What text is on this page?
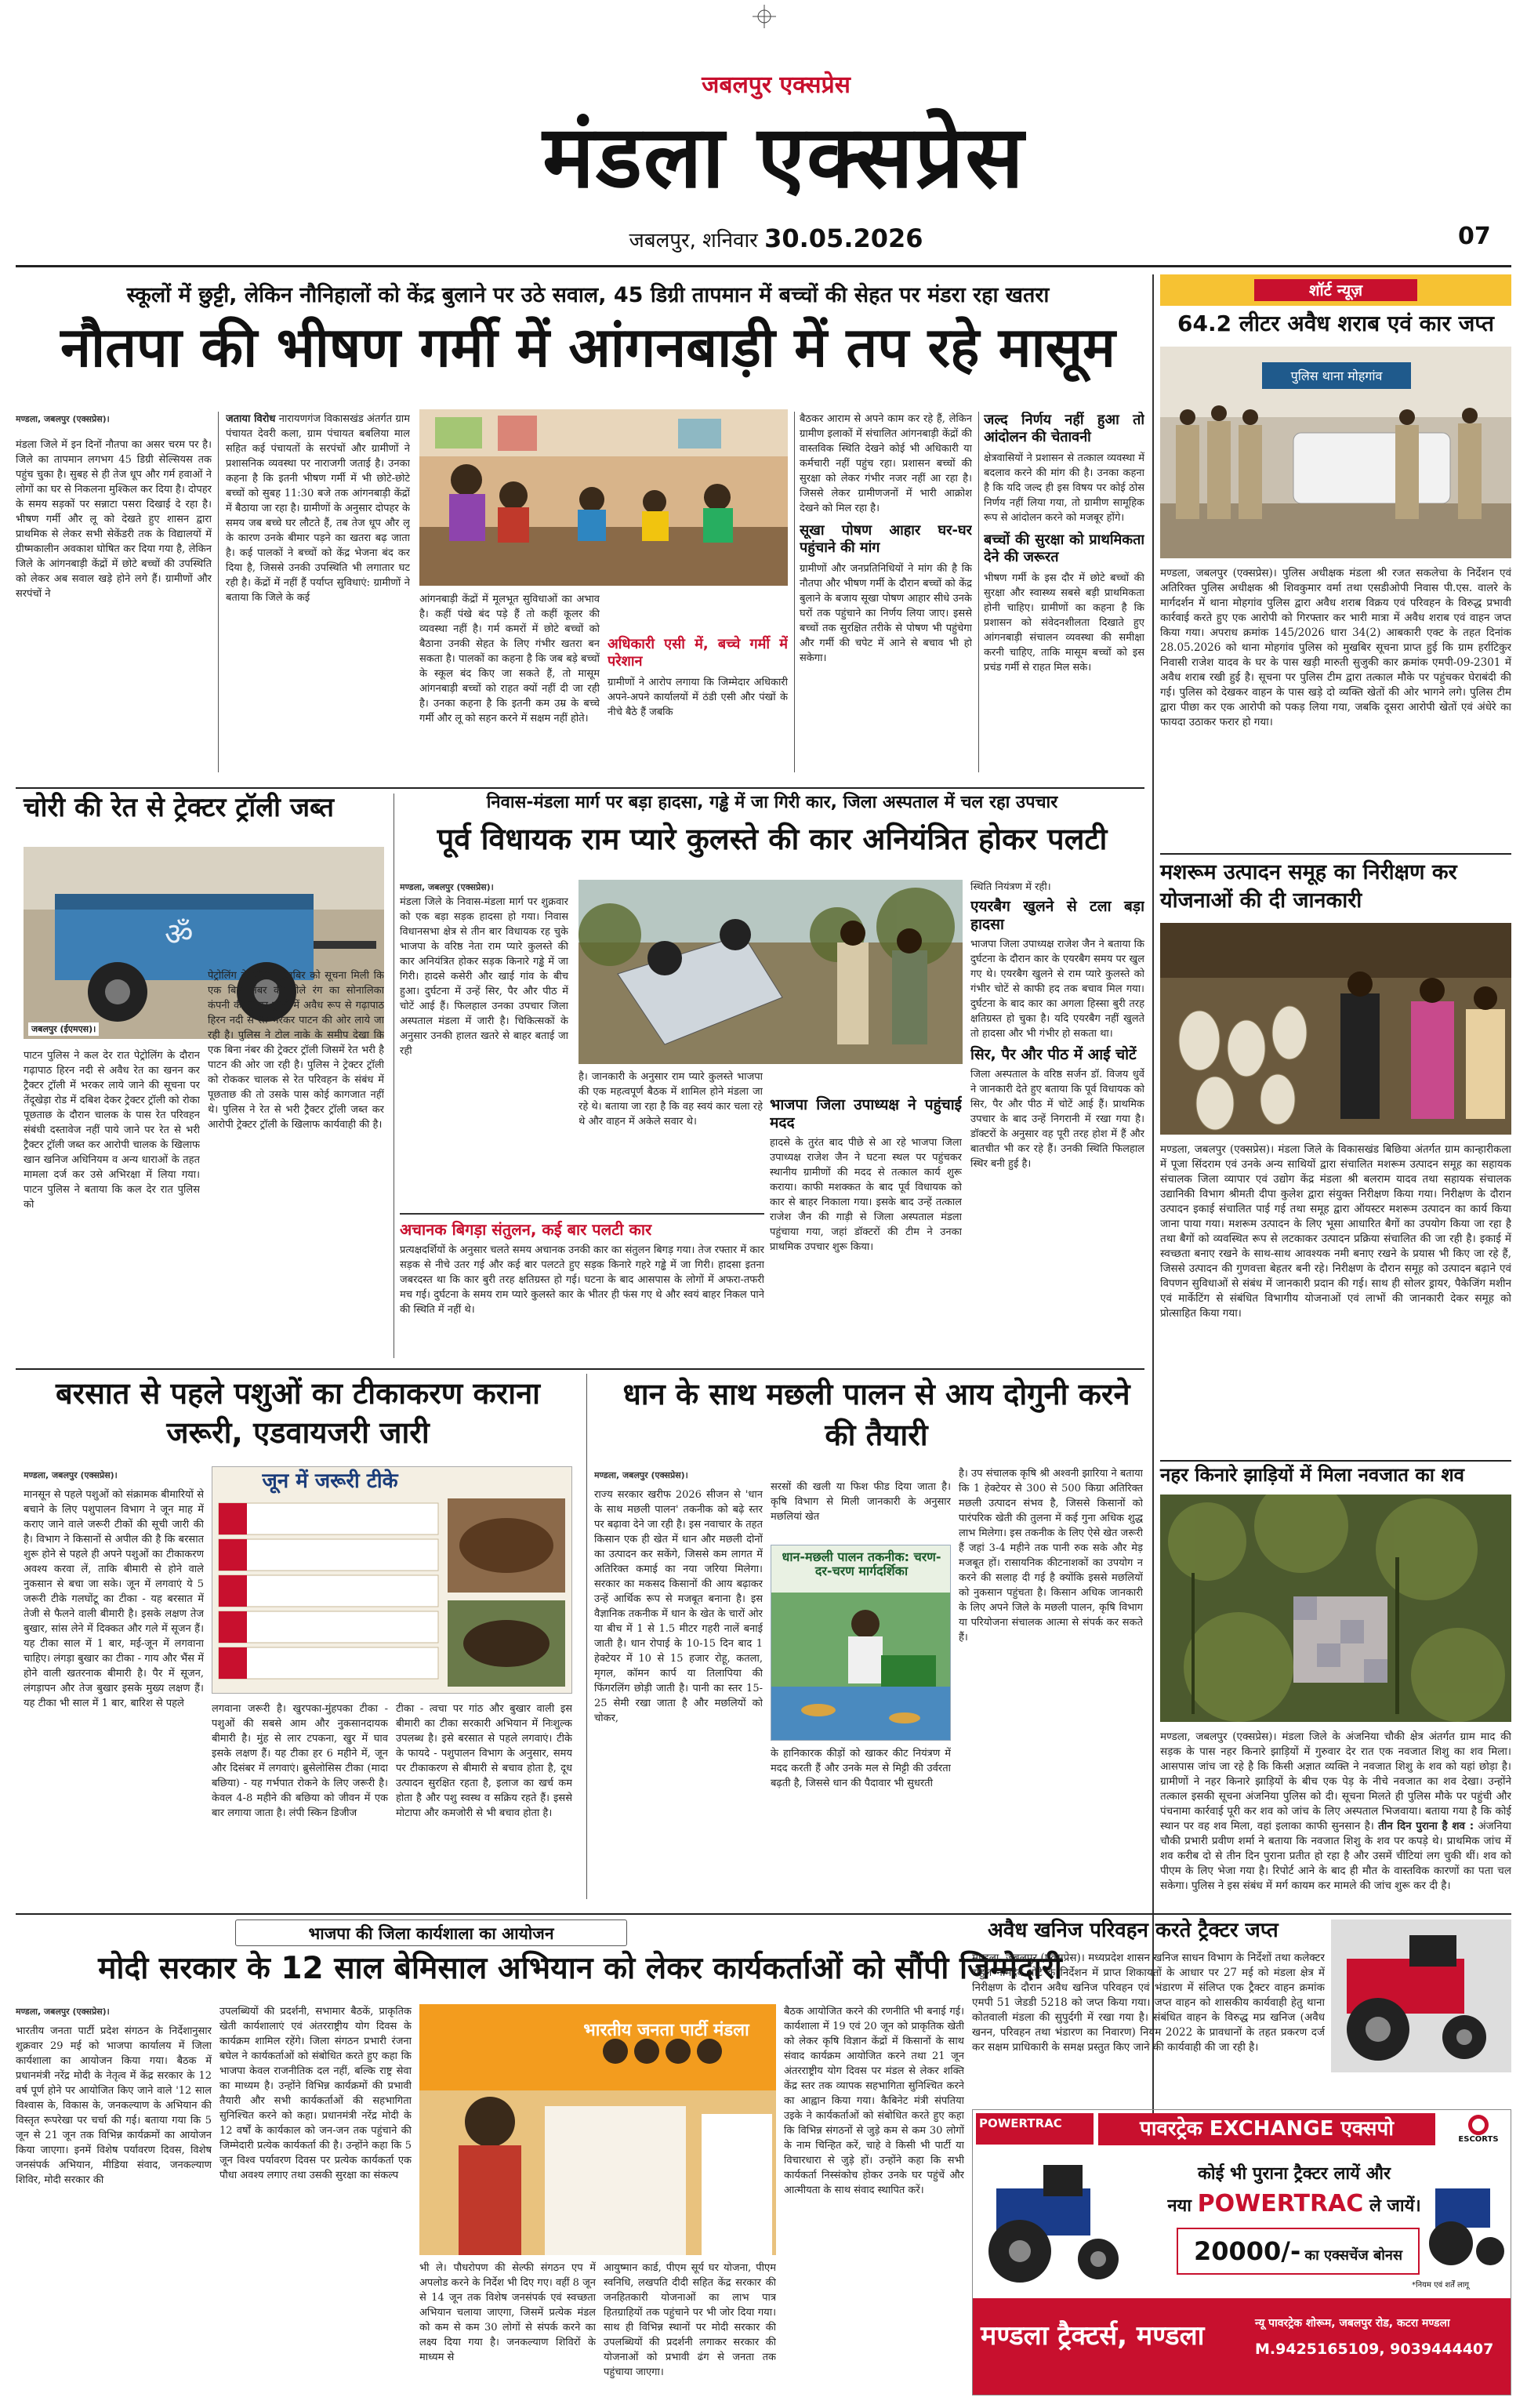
जबलपुर एक्सप्रेस
मंडला एक्सप्रेस
जबलपुर, शनिवार 30.05.2026	07
स्कूलों में छुट्टी, लेकिन नौनिहालों को केंद्र बुलाने पर उठे सवाल, 45 डिग्री तापमान में बच्चों की सेहत पर मंडरा रहा खतरा
नौतपा की भीषण गर्मी में आंगनबाड़ी में तप रहे मासूम
मण्डला, जबलपुर (एक्सप्रेस)।
मंडला जिले में इन दिनों नौतपा का असर चरम पर है। जिले का तापमान लगभग 45 डिग्री सेल्सियस तक पहुंच चुका है। सुबह से ही तेज धूप और गर्म हवाओं ने लोगों का घर से निकलना मुश्किल कर दिया है। दोपहर के समय सड़कों पर सन्नाटा पसरा दिखाई दे रहा है। भीषण गर्मी और लू को देखते हुए शासन द्वारा प्राथमिक से लेकर सभी सेकेंडरी तक के विद्यालयों में ग्रीष्मकालीन अवकाश घोषित कर दिया गया है, लेकिन जिले के आंगनबाड़ी केंद्रों में छोटे बच्चों की उपस्थिति को लेकर अब सवाल खड़े होने लगे हैं। ग्रामीणों और सरपंचों ने
जताया विरोध नारायणगंज विकासखंड अंतर्गत ग्राम पंचायत देवरी कला, ग्राम पंचायत बबलिया माल सहित कई पंचायतों के सरपंचों और ग्रामीणों ने प्रशासनिक व्यवस्था पर नाराजगी जताई है। उनका कहना है कि इतनी भीषण गर्मी में भी छोटे-छोटे बच्चों को सुबह 11:30 बजे तक आंगनबाड़ी केंद्रों में बैठाया जा रहा है। ग्रामीणों के अनुसार दोपहर के समय जब बच्चे घर लौटते हैं, तब तेज धूप और लू के कारण उनके बीमार पड़ने का खतरा बढ़ जाता है। कई पालकों ने बच्चों को केंद्र भेजना बंद कर दिया है, जिससे उनकी उपस्थिति भी लगातार घट रही है। केंद्रों में नहीं हैं पर्याप्त सुविधाएं: ग्रामीणों ने बताया कि जिले के कई	आंगनबाड़ी केंद्रों में मूलभूत सुविधाओं का अभाव है। कहीं पंखे बंद पड़े हैं तो कहीं कूलर की व्यवस्था नहीं है। गर्म कमरों में छोटे बच्चों को बैठाना उनकी सेहत के लिए गंभीर खतरा बन सकता है। पालकों का कहना है कि जब बड़े बच्चों के स्कूल बंद किए जा सकते हैं, तो मासूम आंगनबाड़ी बच्चों को राहत क्यों नहीं दी जा रही है। उनका कहना है कि इतनी कम उम्र के बच्चे गर्मी और लू को सहन करने में सक्षम नहीं होते।
अधिकारी एसी में, बच्चे गर्मी में परेशान
ग्रामीणों ने आरोप लगाया कि जिम्मेदार अधिकारी अपने-अपने कार्यालयों में ठंडी एसी और पंखों के नीचे बैठे हैं जबकि
बैठकर आराम से अपने काम कर रहे हैं, लेकिन ग्रामीण इलाकों में संचालित आंगनबाड़ी केंद्रों की वास्तविक स्थिति देखने कोई भी अधिकारी या कर्मचारी नहीं पहुंच रहा। प्रशासन बच्चों की सुरक्षा को लेकर गंभीर नजर नहीं आ रहा है। जिससे लेकर ग्रामीणजनों में भारी आक्रोश देखने को मिल रहा है।
सूखा पोषण आहार घर-घर पहुंचाने की मांग
ग्रामीणों और जनप्रतिनिधियों ने मांग की है कि नौतपा और भीषण गर्मी के दौरान बच्चों को केंद्र बुलाने के बजाय सूखा पोषण आहार सीधे उनके घरों तक पहुंचाने का निर्णय लिया जाए। इससे बच्चों तक सुरक्षित तरीके से पोषण भी पहुंचेगा और गर्मी की चपेट में आने से बचाव भी हो सकेगा।
जल्द निर्णय नहीं हुआ तो आंदोलन की चेतावनी
क्षेत्रवासियों ने प्रशासन से तत्काल व्यवस्था में बदलाव करने की मांग की है। उनका कहना है कि यदि जल्द ही इस विषय पर कोई ठोस निर्णय नहीं लिया गया, तो ग्रामीण सामूहिक रूप से आंदोलन करने को मजबूर होंगे।
बच्चों की सुरक्षा को प्राथमिकता देने की जरूरत
भीषण गर्मी के इस दौर में छोटे बच्चों की सुरक्षा और स्वास्थ्य सबसे बड़ी प्राथमिकता होनी चाहिए। ग्रामीणों का कहना है कि प्रशासन को संवेदनशीलता दिखाते हुए आंगनबाड़ी संचालन व्यवस्था की समीक्षा करनी चाहिए, ताकि मासूम बच्चों को इस प्रचंड गर्मी से राहत मिल सके।
शॉर्ट न्यूज़
64.2 लीटर अवैध शराब एवं कार जप्त
पुलिस थाना मोहगांव
मण्डला, जबलपुर (एक्सप्रेस)। पुलिस अधीक्षक मंडला श्री रजत सकलेचा के निर्देशन एवं अतिरिक्त पुलिस अधीक्षक श्री शिवकुमार वर्मा तथा एसडीओपी निवास पी.एस. वालरे के मार्गदर्शन में थाना मोहगांव पुलिस द्वारा अवैध शराब विक्रय एवं परिवहन के विरुद्ध प्रभावी कार्रवाई करते हुए एक आरोपी को गिरफ्तार कर भारी मात्रा में अवैध शराब एवं वाहन जप्त किया गया। अपराध क्रमांक 145/2026 धारा 34(2) आबकारी एक्ट के तहत दिनांक 28.05.2026 को थाना मोहगांव पुलिस को मुखबिर सूचना प्राप्त हुई कि ग्राम हर्राटिकुर निवासी राजेश यादव के घर के पास खड़ी मारुती सुजुकी कार क्रमांक एमपी-09-2301 में अवैध शराब रखी हुई है। सूचना पर पुलिस टीम द्वारा तत्काल मौके पर पहुंचकर घेराबंदी की गई। पुलिस को देखकर वाहन के पास खड़े दो व्यक्ति खेतों की ओर भागने लगे। पुलिस टीम द्वारा पीछा कर एक आरोपी को पकड़ लिया गया, जबकि दूसरा आरोपी खेतों एवं अंधेरे का फायदा उठाकर फरार हो गया।
मशरूम उत्पादन समूह का निरीक्षण कर योजनाओं की दी जानकारी
मण्डला, जबलपुर (एक्सप्रेस)। मंडला जिले के विकासखंड बिछिया अंतर्गत ग्राम कान्हारीकला में पूजा सिंदराम एवं उनके अन्य साथियों द्वारा संचालित मशरूम उत्पादन समूह का सहायक संचालक जिला व्यापार एवं उद्योग केंद्र मंडला श्री बलराम यादव तथा सहायक संचालक उद्यानिकी विभाग श्रीमती दीपा कुलेश द्वारा संयुक्त निरीक्षण किया गया। निरीक्षण के दौरान उत्पादन इकाई संचालित पाई गई तथा समूह द्वारा ऑयस्टर मशरूम उत्पादन का कार्य किया जाना पाया गया। मशरूम उत्पादन के लिए भूसा आधारित बैगों का उपयोग किया जा रहा है तथा बैगों को व्यवस्थित रूप से लटकाकर उत्पादन प्रक्रिया संचालित की जा रही है। इकाई में स्वच्छता बनाए रखने के साथ-साथ आवश्यक नमी बनाए रखने के प्रयास भी किए जा रहे हैं, जिससे उत्पादन की गुणवत्ता बेहतर बनी रहे। निरीक्षण के दौरान समूह को उत्पादन बढ़ाने एवं विपणन सुविधाओं से संबंध में जानकारी प्रदान की गई। साथ ही सोलर ड्रायर, पैकेजिंग मशीन एवं मार्केटिंग से संबंधित विभागीय योजनाओं एवं लाभों की जानकारी देकर समूह को प्रोत्साहित किया गया।
नहर किनारे झाड़ियों में मिला नवजात का शव
मण्डला, जबलपुर (एक्सप्रेस)। मंडला जिले के अंजनिया चौकी क्षेत्र अंतर्गत ग्राम माद की सड़क के पास नहर किनारे झाड़ियों में गुरुवार देर रात एक नवजात शिशु का शव मिला। आसपास जांच जा रहे है कि किसी अज्ञात व्यक्ति ने नवजात शिशु के शव को यहां छोड़ा है। ग्रामीणों ने नहर किनारे झाड़ियों के बीच एक पेड़ के नीचे नवजात का शव देखा। उन्होंने तत्काल इसकी सूचना अंजनिया पुलिस को दी। सूचना मिलते ही पुलिस मौके पर पहुंची और पंचनामा कार्रवाई पूरी कर शव को जांच के लिए अस्पताल भिजवाया। बताया गया है कि कोई स्थान पर वह शव मिला, वहां इलाका काफी सुनसान है। तीन दिन पुराना है शव : अंजनिया चौकी प्रभारी प्रवीण शर्मा ने बताया कि नवजात शिशु के शव पर कपड़े थे। प्राथमिक जांच में शव करीब दो से तीन दिन पुराना प्रतीत हो रहा है और उसमें चींटियां लग चुकी थीं। शव को पीएम के लिए भेजा गया है। रिपोर्ट आने के बाद ही मौत के वास्तविक कारणों का पता चल सकेगा। पुलिस ने इस संबंध में मर्ग कायम कर मामले की जांच शुरू कर दी है।
चोरी की रेत से ट्रेक्टर ट्रॉली जब्त
ॐ
जबलपुर (ईएमएस)।
पाटन पुलिस ने कल देर रात पेट्रोलिंग के दौरान गढ़ापाठ हिरन नदी से अवैध रेत का खनन कर ट्रैक्टर ट्रॉली में भरकर लाये जाने की सूचना पर तेंदूखेड़ा रोड में दबिश देकर ट्रेक्टर ट्रॉली को रोका पूछताछ के दौरान चालक के पास रेत परिवहन संबंधी दस्तावेज नहीं पाये जाने पर रेत से भरी ट्रैक्टर ट्रॉली जब्त कर आरोपी चालक के खिलाफ खान खनिज अधिनियम व अन्य धाराओं के तहत मामला दर्ज कर उसे अभिरक्षा में लिया गया। पाटन पुलिस ने बताया कि कल देर रात पुलिस को
पेट्रोलिंग के दौरान मुखबिर को सूचना मिली कि एक बिना नंबर की नीले रंग का सोनालिका कंपनी की ट्रैक्टर ट्रॉली में अवैध रूप से गढ़ापाठ हिरन नदी से रेत भरकर पाटन की ओर लाये जा रही है। पुलिस ने टोल नाके के समीप देखा कि एक बिना नंबर की ट्रेक्टर ट्रॉली जिसमें रेत भरी है पाटन की ओर जा रही है। पुलिस ने ट्रेक्टर ट्रॉली को रोककर चालक से रेत परिवहन के संबंध में पूछताछ की तो उसके पास कोई कागजात नहीं थे। पुलिस ने रेत से भरी ट्रैक्टर ट्रॉली जब्त कर आरोपी ट्रेक्टर ट्रॉली के खिलाफ कार्यवाही की है।
निवास-मंडला मार्ग पर बड़ा हादसा, गड्ढे में जा गिरी कार, जिला अस्पताल में चल रहा उपचार
पूर्व विधायक राम प्यारे कुलस्ते की कार अनियंत्रित होकर पलटी
मण्डला, जबलपुर (एक्सप्रेस)।
मंडला जिले के निवास-मंडला मार्ग पर शुक्रवार को एक बड़ा सड़क हादसा हो गया। निवास विधानसभा क्षेत्र से तीन बार विधायक रह चुके भाजपा के वरिष्ठ नेता राम प्यारे कुलस्ते की कार अनियंत्रित होकर सड़क किनारे गड्ढे में जा गिरी। हादसे कसेरी और खाई गांव के बीच हुआ। दुर्घटना में उन्हें सिर, पैर और पीठ में चोटें आई हैं। फिलहाल उनका उपचार जिला अस्पताल मंडला में जारी है। चिकित्सकों के अनुसार उनकी हालत खतरे से बाहर बताई जा रही
है। जानकारी के अनुसार राम प्यारे कुलस्ते भाजपा की एक महत्वपूर्ण बैठक में शामिल होने मंडला जा रहे थे। बताया जा रहा है कि वह स्वयं कार चला रहे थे और वाहन में अकेले सवार थे।
भाजपा जिला उपाध्यक्ष ने पहुंचाई मदद
हादसे के तुरंत बाद पीछे से आ रहे भाजपा जिला उपाध्यक्ष राजेश जैन ने घटना स्थल पर पहुंचकर स्थानीय ग्रामीणों की मदद से तत्काल कार्य शुरू कराया। काफी मशक्कत के बाद पूर्व विधायक को कार से बाहर निकाला गया। इसके बाद उन्हें तत्काल राजेश जैन की गाड़ी से जिला अस्पताल मंडला पहुंचाया गया, जहां डॉक्टरों की टीम ने उनका प्राथमिक उपचार शुरू किया।
स्थिति नियंत्रण में रही।
एयरबैग खुलने से टला बड़ा हादसा
भाजपा जिला उपाध्यक्ष राजेश जैन ने बताया कि दुर्घटना के दौरान कार के एयरबैग समय पर खुल गए थे। एयरबैग खुलने से राम प्यारे कुलस्ते को गंभीर चोटें से काफी हद तक बचाव मिल गया। दुर्घटना के बाद कार का अगला हिस्सा बुरी तरह क्षतिग्रस्त हो चुका है। यदि एयरबैग नहीं खुलते तो हादसा और भी गंभीर हो सकता था।
सिर, पैर और पीठ में आई चोटें
जिला अस्पताल के वरिष्ठ सर्जन डॉ. विजय धुर्वे ने जानकारी देते हुए बताया कि पूर्व विधायक को सिर, पैर और पीठ में चोटें आई हैं। प्राथमिक उपचार के बाद उन्हें निगरानी में रखा गया है। डॉक्टरों के अनुसार वह पूरी तरह होश में हैं और बातचीत भी कर रहे हैं। उनकी स्थिति फिलहाल स्थिर बनी हुई है।
अचानक बिगड़ा संतुलन, कई बार पलटी कार
प्रत्यक्षदर्शियों के अनुसार चलते समय अचानक उनकी कार का संतुलन बिगड़ गया। तेज रफ्तार में कार सड़क से नीचे उतर गई और कई बार पलटते हुए सड़क किनारे गहरे गड्ढे में जा गिरी। हादसा इतना जबरदस्त था कि कार बुरी तरह क्षतिग्रस्त हो गई। घटना के बाद आसपास के लोगों में अफरा-तफरी मच गई। दुर्घटना के समय राम प्यारे कुलस्ते कार के भीतर ही फंस गए थे और स्वयं बाहर निकल पाने की स्थिति में नहीं थे।
बरसात से पहले पशुओं का टीकाकरण कराना जरूरी, एडवायजरी जारी
मण्डला, जबलपुर (एक्सप्रेस)।
मानसून से पहले पशुओं को संक्रामक बीमारियों से बचाने के लिए पशुपालन विभाग ने जून माह में कराए जाने वाले जरूरी टीकों की सूची जारी की है। विभाग ने किसानों से अपील की है कि बरसात शुरू होने से पहले ही अपने पशुओं का टीकाकरण अवश्य करवा लें, ताकि बीमारी से होने वाले नुकसान से बचा जा सके। जून में लगवाएं ये 5 जरूरी टीके गलघोंटू का टीका - यह बरसात में तेजी से फैलने वाली बीमारी है। इसके लक्षण तेज बुखार, सांस लेने में दिक्कत और गले में सूजन हैं। यह टीका साल में 1 बार, मई-जून में लगवाना चाहिए। लंगड़ा बुखार का टीका - गाय और भैंस में होने वाली खतरनाक बीमारी है। पैर में सूजन, लंगड़ापन और तेज बुखार इसके मुख्य लक्षण हैं। यह टीका भी साल में 1 बार, बारिश से पहले
जून में जरूरी टीके
लगवाना जरूरी है। खुरपका-मुंहपका टीका - पशुओं की सबसे आम और नुकसानदायक बीमारी है। मुंह से लार टपकना, खुर में घाव इसके लक्षण हैं। यह टीका हर 6 महीने में, जून और दिसंबर में लगवाएं। ब्रुसेलोसिस टीका (मादा बछिया) - यह गर्भपात रोकने के लिए जरूरी है। केवल 4-8 महीने की बछिया को जीवन में एक बार लगाया जाता है। लंपी स्किन डिजीज
टीका - त्वचा पर गांठ और बुखार वाली इस बीमारी का टीका सरकारी अभियान में निःशुल्क उपलब्ध है। इसे बरसात से पहले लगवाएं। टीके के फायदे - पशुपालन विभाग के अनुसार, समय पर टीकाकरण से बीमारी से बचाव होता है, दूध उत्पादन सुरक्षित रहता है, इलाज का खर्च कम होता है और पशु स्वस्थ व सक्रिय रहते हैं। इससे मोटापा और कमजोरी से भी बचाव होता है।
धान के साथ मछली पालन से आय दोगुनी करने की तैयारी
मण्डला, जबलपुर (एक्सप्रेस)।
राज्य सरकार खरीफ 2026 सीजन से 'धान के साथ मछली पालन' तकनीक को बढ़े स्तर पर बढ़ावा देने जा रही है। इस नवाचार के तहत किसान एक ही खेत में धान और मछली दोनों का उत्पादन कर सकेंगे, जिससे कम लागत में अतिरिक्त कमाई का नया जरिया मिलेगा। सरकार का मकसद किसानों की आय बढ़ाकर उन्हें आर्थिक रूप से मजबूत बनाना है। इस वैज्ञानिक तकनीक में धान के खेत के चारों ओर या बीच में 1 से 1.5 मीटर गहरी नालें बनाई जाती है। धान रोपाई के 10-15 दिन बाद 1 हेक्टेयर में 10 से 15 हजार रोहू, कतला, मृगल, कॉमन कार्प या तिलापिया की फिंगरलिंग छोड़ी जाती है। पानी का स्तर 15-25 सेमी रखा जाता है और मछलियों को चोकर,
सरसों की खली या फिश फीड दिया जाता है। कृषि विभाग से मिली जानकारी के अनुसार मछलियां खेत
धान-मछली पालन तकनीक: चरण-दर-चरण मार्गदर्शिका
के हानिकारक कीड़ों को खाकर कीट नियंत्रण में मदद करती हैं और उनके मल से मिट्टी की उर्वरता बढ़ती है, जिससे धान की पैदावार भी सुधरती
है। उप संचालक कृषि श्री अश्वनी झारिया ने बताया कि 1 हेक्टेयर से 300 से 500 किग्रा अतिरिक्त मछली उत्पादन संभव है, जिससे किसानों को पारंपरिक खेती की तुलना में कई गुना अधिक शुद्ध लाभ मिलेगा। इस तकनीक के लिए ऐसे खेत जरूरी हैं जहां 3-4 महीने तक पानी रुक सके और मेड़ मजबूत हों। रासायनिक कीटनाशकों का उपयोग न करने की सलाह दी गई है क्योंकि इससे मछलियों को नुकसान पहुंचता है। किसान अधिक जानकारी के लिए अपने जिले के मछली पालन, कृषि विभाग या परियोजना संचालक आत्मा से संपर्क कर सकते हैं।
भाजपा की जिला कार्यशाला का आयोजन
मोदी सरकार के 12 साल बेमिसाल अभियान को लेकर कार्यकर्ताओं को सौंपी जिम्मेदारी
मण्डला, जबलपुर (एक्सप्रेस)।
भारतीय जनता पार्टी प्रदेश संगठन के निर्देशानुसार शुक्रवार 29 मई को भाजपा कार्यालय में जिला कार्यशाला का आयोजन किया गया। बैठक में प्रधानमंत्री नरेंद्र मोदी के नेतृत्व में केंद्र सरकार के 12 वर्ष पूर्ण होने पर आयोजित किए जाने वाले '12 साल विश्वास के, विकास के, जनकल्याण के अभियान की विस्तृत रूपरेखा पर चर्चा की गई। बताया गया कि 5 जून से 21 जून तक विभिन्न कार्यक्रमों का आयोजन किया जाएगा। इनमें विशेष पर्यावरण दिवस, विशेष जनसंपर्क अभियान, मीडिया संवाद, जनकल्याण शिविर, मोदी सरकार की
उपलब्धियों की प्रदर्शनी, सभामार बैठकें, प्राकृतिक खेती कार्यशालाएं एवं अंतरराष्ट्रीय योग दिवस के कार्यक्रम शामिल रहेंगे। जिला संगठन प्रभारी रंजना बघेल ने कार्यकर्ताओं को संबोधित करते हुए कहा कि भाजपा केवल राजनीतिक दल नहीं, बल्कि राष्ट्र सेवा का माध्यम है। उन्होंने विभिन्न कार्यक्रमों की प्रभावी तैयारी और सभी कार्यकर्ताओं की सहभागिता सुनिश्चित करने को कहा। प्रधानमंत्री नरेंद्र मोदी के 12 वर्षों के कार्यकाल को जन-जन तक पहुंचाने की जिम्मेदारी प्रत्येक कार्यकर्ता की है। उन्होंने कहा कि 5 जून विश्व पर्यावरण दिवस पर प्रत्येक कार्यकर्ता एक पौधा अवश्य लगाए तथा उसकी सुरक्षा का संकल्प
भारतीय जनता पार्टी मंडला
भी ले। पौधरोपण की सेल्फी संगठन एप में अपलोड करने के निर्देश भी दिए गए। वहीं 8 जून से 14 जून तक विशेष जनसंपर्क एवं स्वच्छता अभियान चलाया जाएगा, जिसमें प्रत्येक मंडल को कम से कम 30 लोगों से संपर्क करने का लक्ष्य दिया गया है। जनकल्याण शिविरों के माध्यम से
आयुष्मान कार्ड, पीएम सूर्य घर योजना, पीएम स्वनिधि, लखपति दीदी सहित केंद्र सरकार की जनहितकारी योजनाओं का लाभ पात्र हितग्राहियों तक पहुंचाने पर भी जोर दिया गया। साथ ही विभिन्न स्थानों पर मोदी सरकार की उपलब्धियों की प्रदर्शनी लगाकर सरकार की योजनाओं को प्रभावी ढंग से जनता तक पहुंचाया जाएगा।
बैठक आयोजित करने की रणनीति भी बनाई गई। कार्यशाला में 19 एवं 20 जून को प्राकृतिक खेती को लेकर कृषि विज्ञान केंद्रों में किसानों के साथ संवाद कार्यक्रम आयोजित करने तथा 21 जून अंतरराष्ट्रीय योग दिवस पर मंडल से लेकर शक्ति केंद्र स्तर तक व्यापक सहभागिता सुनिश्चित करने का आह्वान किया गया। कैबिनेट मंत्री संपतिया उइके ने कार्यकर्ताओं को संबोधित करते हुए कहा कि विभिन्न संगठनों से जुड़े कम से कम 30 लोगों के नाम चिन्हित करें, चाहे वे किसी भी पार्टी या विचारधारा से जुड़े हों। उन्होंने कहा कि सभी कार्यकर्ता निस्संकोच होकर उनके घर पहुंचें और आत्मीयता के साथ संवाद स्थापित करें।
अवैध खनिज परिवहन करते ट्रैक्टर जप्त
मण्डला, जबलपुर (एक्सप्रेस)। मध्यप्रदेश शासन खनिज साधन विभाग के निर्देशों तथा कलेक्टर राहुल नामदेव धोटे के निर्देशन में प्राप्त शिकायतों के आधार पर 27 मई को मंडला क्षेत्र में निरीक्षण के दौरान अवैध खनिज परिवहन एवं भंडारण में संलिप्त एक ट्रैक्टर वाहन क्रमांक एमपी 51 जेडडी 5218 को जप्त किया गया। जप्त वाहन को शासकीय कार्यवाही हेतु थाना कोतवाली मंडला की सुपुर्दगी में रखा गया है। संबंधित वाहन के विरुद्ध मप्र खनिज (अवैध खनन, परिवहन तथा भंडारण का निवारण) नियम 2022 के प्रावधानों के तहत प्रकरण दर्ज कर सक्षम प्राधिकारी के समक्ष प्रस्तुत किए जाने की कार्यवाही की जा रही है।
POWERTRAC	पावरट्रेक EXCHANGE एक्सपो	ESCORTS
कोई भी पुराना ट्रैक्टर लायें और
नया POWERTRAC ले जायें।
20000/- का एक्सचेंज बोनस
*नियम एवं शर्तें लागू
मण्डला ट्रैक्टर्स, मण्डला	न्यू पावरट्रेक शोरूम, जबलपुर रोड, कटरा मण्डला
M.9425165109, 9039444407
